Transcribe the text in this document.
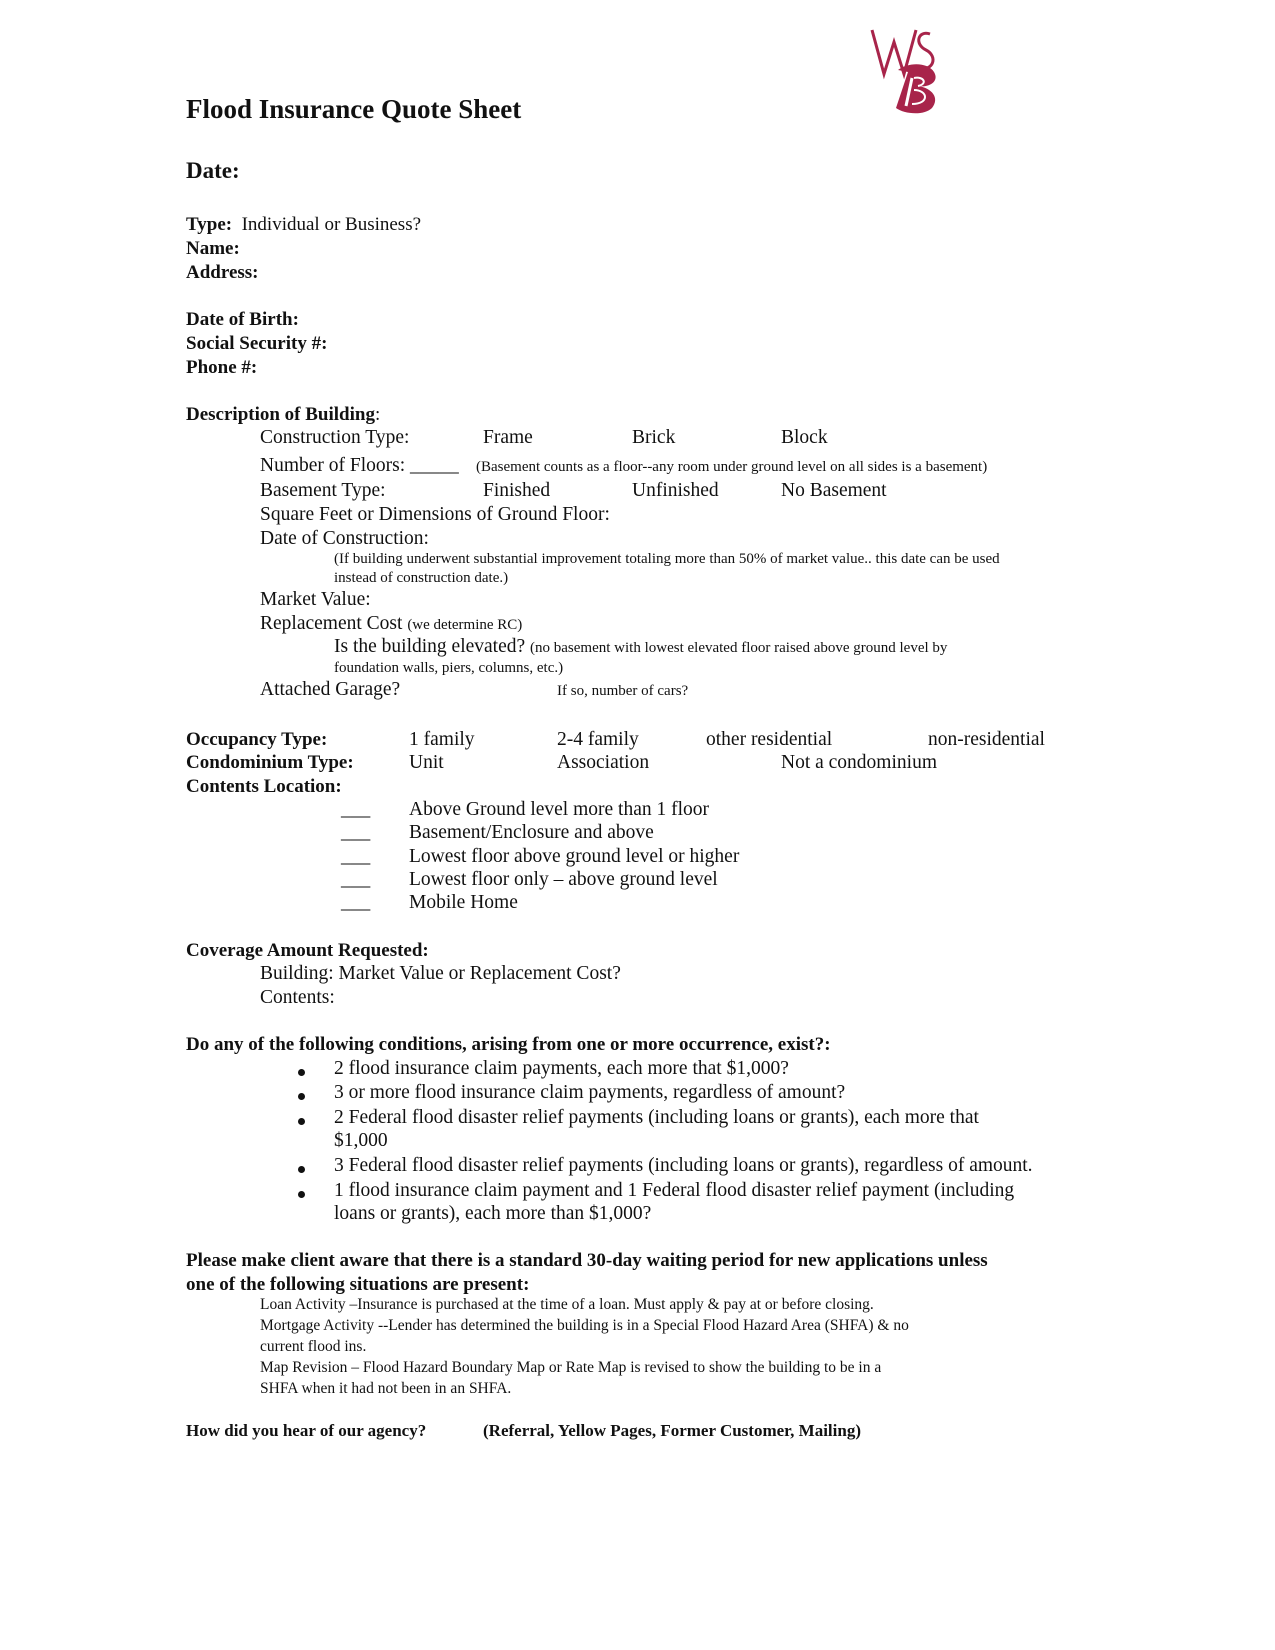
Flood Insurance Quote Sheet
Date:
Type: Individual or Business?
Name:
Address:
Date of Birth:
Social Security #:
Phone #:
Description of Building:
Construction Type:	Frame	Brick	Block
Number of Floors: _____ (Basement counts as a floor--any room under ground level on all sides is a basement)
Basement Type:	Finished	Unfinished	No Basement
Square Feet or Dimensions of Ground Floor:
Date of Construction:
(If building underwent substantial improvement totaling more than 50% of market value.. this date can be used
instead of construction date.)
Market Value:
Replacement Cost (we determine RC)
Is the building elevated? (no basement with lowest elevated floor raised above ground level by
foundation walls, piers, columns, etc.)
Attached Garage?	If so, number of cars?
Occupancy Type:	1 family	2-4 family	other residential	non-residential
Condominium Type:	Unit	Association	Not a condominium
Contents Location:
___ Above Ground level more than 1 floor
___ Basement/Enclosure and above
___ Lowest floor above ground level or higher
___ Lowest floor only – above ground level
___ Mobile Home
Coverage Amount Requested:
Building: Market Value or Replacement Cost?
Contents:
Do any of the following conditions, arising from one or more occurrence, exist?:
2 flood insurance claim payments, each more that $1,000?
3 or more flood insurance claim payments, regardless of amount?
2 Federal flood disaster relief payments (including loans or grants), each more that
$1,000
3 Federal flood disaster relief payments (including loans or grants), regardless of amount.
1 flood insurance claim payment and 1 Federal flood disaster relief payment (including
loans or grants), each more than $1,000?
Please make client aware that there is a standard 30-day waiting period for new applications unless
one of the following situations are present:
Loan Activity –Insurance is purchased at the time of a loan. Must apply & pay at or before closing.
Mortgage Activity --Lender has determined the building is in a Special Flood Hazard Area (SHFA) & no
current flood ins.
Map Revision – Flood Hazard Boundary Map or Rate Map is revised to show the building to be in a
SHFA when it had not been in an SHFA.
How did you hear of our agency?	(Referral, Yellow Pages, Former Customer, Mailing)
